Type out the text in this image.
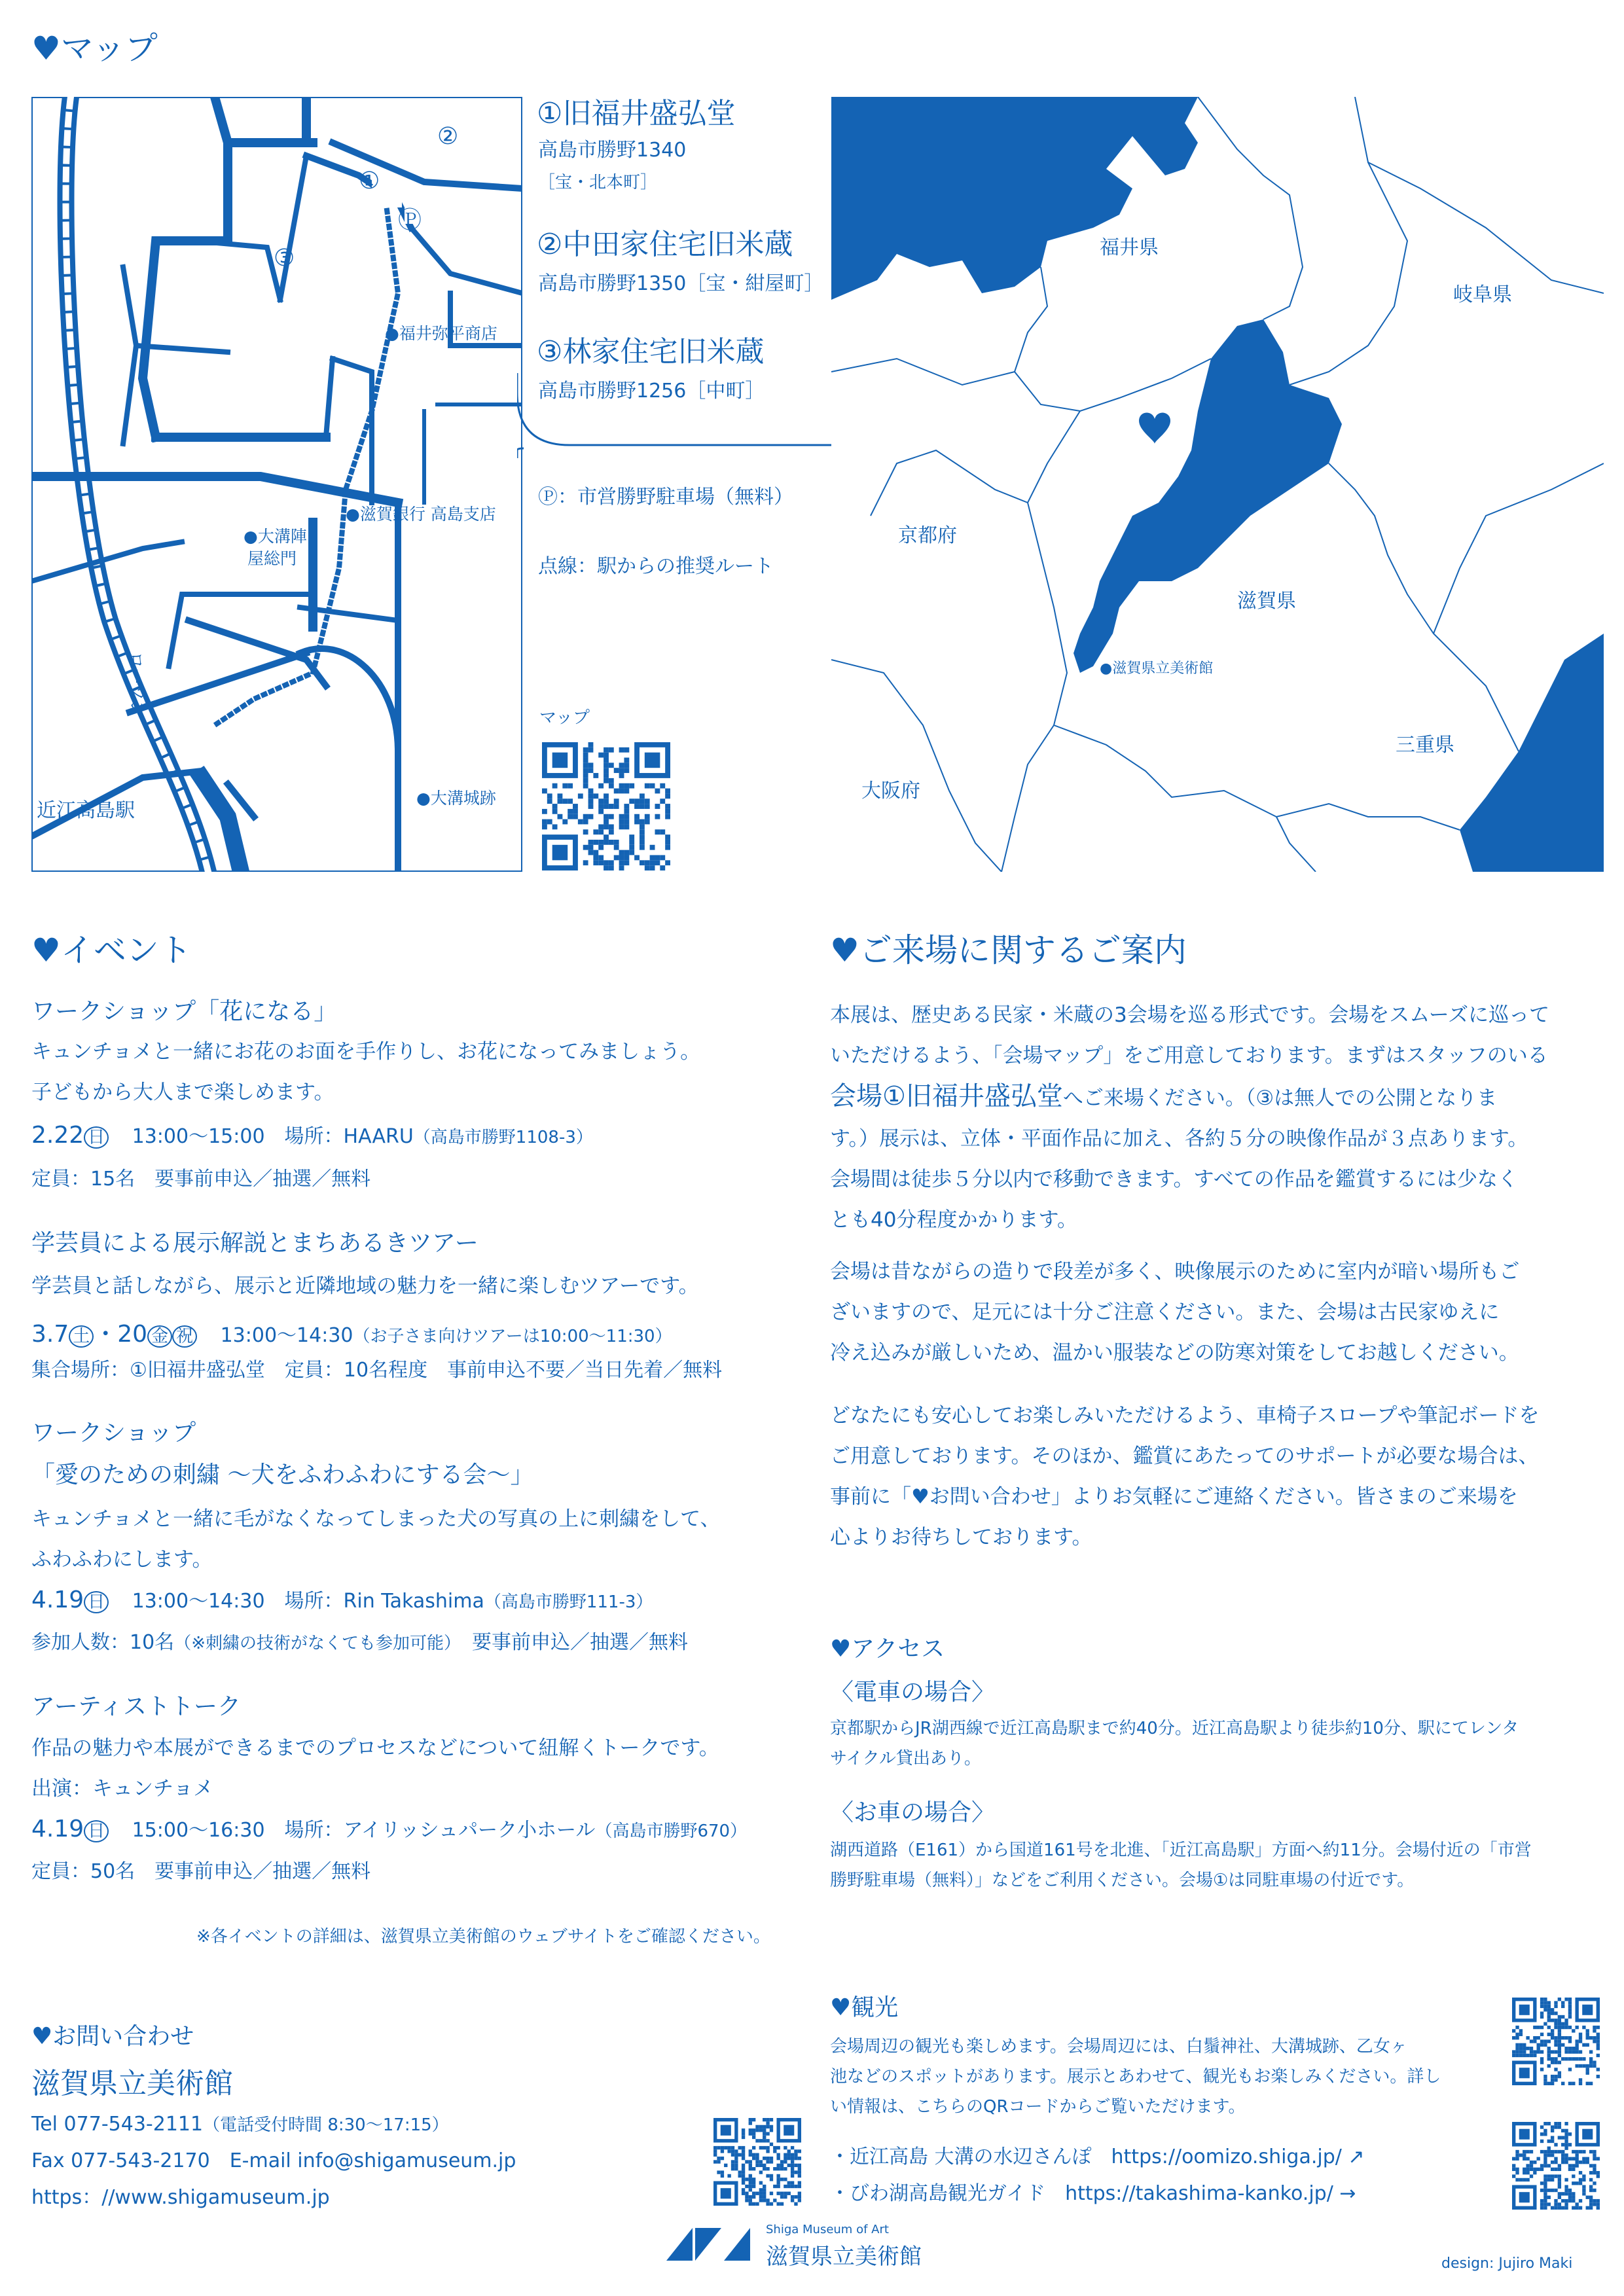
♥マップ
②
①
Ⓟ
③
●福井弥平商店
●滋賀銀行 高島支店
●大溝陣
屋総門
ローソン
近江高島駅
●大溝城跡
①旧福井盛弘堂
高島市勝野1340
［宝・北本町］
②中田家住宅旧米蔵
高島市勝野1350［宝・紺屋町］
③林家住宅旧米蔵
高島市勝野1256［中町］
Ⓟ：市営勝野駐車場（無料）
点線：駅からの推奨ルート
マップ
福井県
岐阜県
京都府
滋賀県
●滋賀県立美術館
三重県
大阪府
♥イベント
ワークショップ「花になる」
キュンチョメと一緒にお花のお面を手作りし、お花になってみましょう。
子どもから大人まで楽しめます。
2.22 日 13:00〜15:00　場所：HAARU（高島市勝野1108-3）
定員：15名　要事前申込／抽選／無料
学芸員による展示解説とまちあるきツアー
学芸員と話しながら、展示と近隣地域の魅力を一緒に楽しむツアーです。
3.7 土 ・20 金 祝 13:00〜14:30（お子さま向けツアーは10:00〜11:30）
集合場所：①旧福井盛弘堂　定員：10名程度　事前申込不要／当日先着／無料
ワークショップ
「愛のための刺繍 〜犬をふわふわにする会〜」
キュンチョメと一緒に毛がなくなってしまった犬の写真の上に刺繍をして、
ふわふわにします。
4.19 日 13:00〜14:30　場所：Rin Takashima（高島市勝野111-3）
参加人数：10名（※刺繍の技術がなくても参加可能）　 要事前申込／抽選／無料
アーティストトーク
作品の魅力や本展ができるまでのプロセスなどについて紐解くトークです。
出演：キュンチョメ
4.19 日 15:00〜16:30　場所：アイリッシュパーク小ホール（高島市勝野670）
定員：50名　要事前申込／抽選／無料
※各イベントの詳細は、滋賀県立美術館のウェブサイトをご確認ください。
♥ご来場に関するご案内
本展は、歴史ある民家・米蔵の3会場を巡る形式です。会場をスムーズに巡って
いただけるよう、「会場マップ」をご用意しております。まずはスタッフのいる
会場①旧福井盛弘堂へご来場ください。（③は無人での公開となりま
す。）展示は、立体・平面作品に加え、各約５分の映像作品が３点あります。
会場間は徒歩５分以内で移動できます。すべての作品を鑑賞するには少なく
とも40分程度かかります。
会場は昔ながらの造りで段差が多く、映像展示のために室内が暗い場所もご
ざいますので、足元には十分ご注意ください。また、会場は古民家ゆえに
冷え込みが厳しいため、温かい服装などの防寒対策をしてお越しください。
どなたにも安心してお楽しみいただけるよう、車椅子スロープや筆記ボードを
ご用意しております。そのほか、鑑賞にあたってのサポートが必要な場合は、
事前に「♥お問い合わせ」よりお気軽にご連絡ください。皆さまのご来場を
心よりお待ちしております。
♥アクセス
〈電車の場合〉
京都駅からJR湖西線で近江高島駅まで約40分。近江高島駅より徒歩約10分、駅にてレンタ
サイクル貸出あり。
〈お車の場合〉
湖西道路（E161）から国道161号を北進、「近江高島駅」方面へ約11分。会場付近の「市営
勝野駐車場（無料）」などをご利用ください。会場①は同駐車場の付近です。
♥お問い合わせ
滋賀県立美術館
Tel 077-543-2111（電話受付時間 8:30〜17:15）
Fax 077-543-2170　E-mail info@shigamuseum.jp
https：//www.shigamuseum.jp
♥観光
会場周辺の観光も楽しめます。会場周辺には、白鬚神社、大溝城跡、乙女ヶ
池などのスポットがあります。展示とあわせて、観光もお楽しみください。詳し
い情報は、こちらのQRコードからご覧いただけます。
・近江高島 大溝の水辺さんぽ　https://oomizo.shiga.jp/ ↗
・びわ湖高島観光ガイド　https://takashima-kanko.jp/ →
Shiga Museum of Art
滋賀県立美術館	design: Jujiro Maki
